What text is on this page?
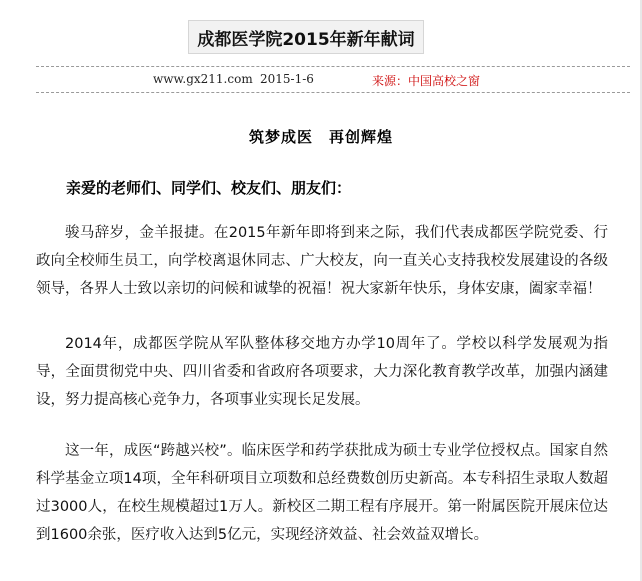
成都医学院2015年新年献词
www.gx211.com 2015-1-6	来源：中国高校之窗
筑梦成医　再创辉煌
亲爱的老师们、同学们、校友们、朋友们：

骏马辞岁，金羊报捷。在2015年新年即将到来之际，我们代表成都医学院党委、行政向全校师生员工，向学校离退休同志、广大校友，向一直关心支持我校发展建设的各级领导，各界人士致以亲切的问候和诚挚的祝福！祝大家新年快乐，身体安康，阖家幸福！

2014年，成都医学院从军队整体移交地方办学10周年了。学校以科学发展观为指导，全面贯彻党中央、四川省委和省政府各项要求，大力深化教育教学改革，加强内涵建设，努力提高核心竞争力，各项事业实现长足发展。

这一年，成医“跨越兴校”。临床医学和药学获批成为硕士专业学位授权点。国家自然科学基金立项14项，全年科研项目立项数和总经费数创历史新高。本专科招生录取人数超过3000人，在校生规模超过1万人。新校区二期工程有序展开。第一附属医院开展床位达到1600余张，医疗收入达到5亿元，实现经济效益、社会效益双增长。
